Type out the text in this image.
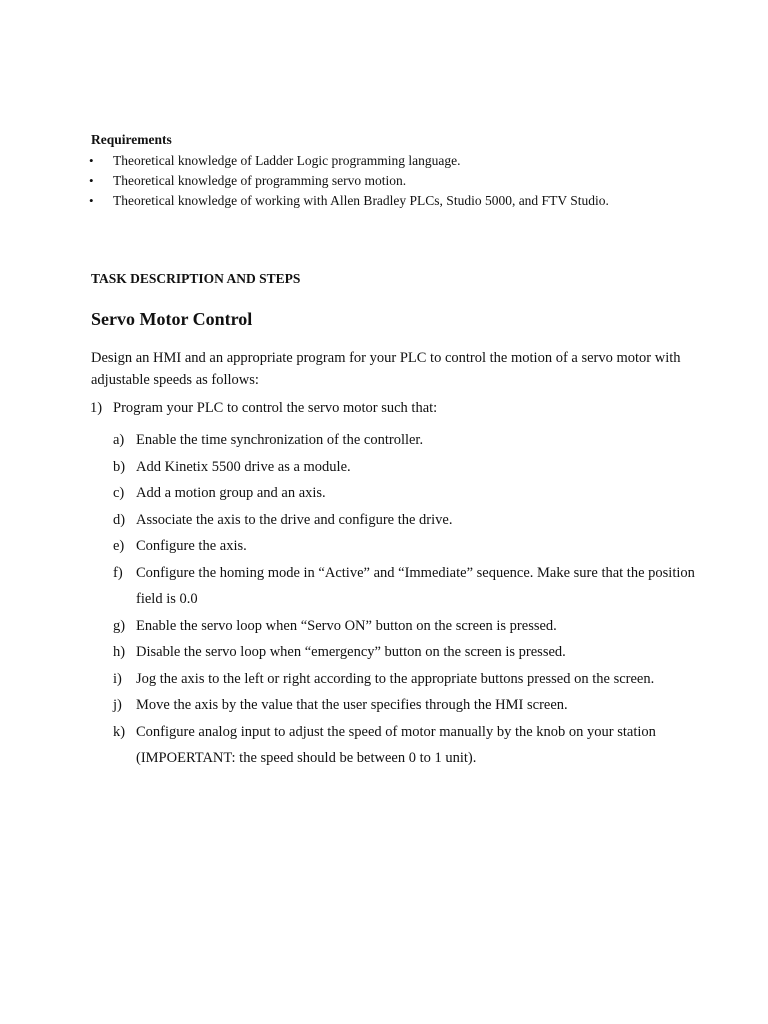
Requirements
• Theoretical knowledge of Ladder Logic programming language.
• Theoretical knowledge of programming servo motion.
• Theoretical knowledge of working with Allen Bradley PLCs, Studio 5000, and FTV Studio.
TASK DESCRIPTION AND STEPS
Servo Motor Control
Design an HMI and an appropriate program for your PLC to control the motion of a servo motor with adjustable speeds as follows:
1) Program your PLC to control the servo motor such that:
a) Enable the time synchronization of the controller.
b) Add Kinetix 5500 drive as a module.
c) Add a motion group and an axis.
d) Associate the axis to the drive and configure the drive.
e) Configure the axis.
f) Configure the homing mode in “Active” and “Immediate” sequence. Make sure that the position field is 0.0
g) Enable the servo loop when “Servo ON” button on the screen is pressed.
h) Disable the servo loop when “emergency” button on the screen is pressed.
i) Jog the axis to the left or right according to the appropriate buttons pressed on the screen.
j) Move the axis by the value that the user specifies through the HMI screen.
k) Configure analog input to adjust the speed of motor manually by the knob on your station (IMPOERTANT: the speed should be between 0 to 1 unit).
